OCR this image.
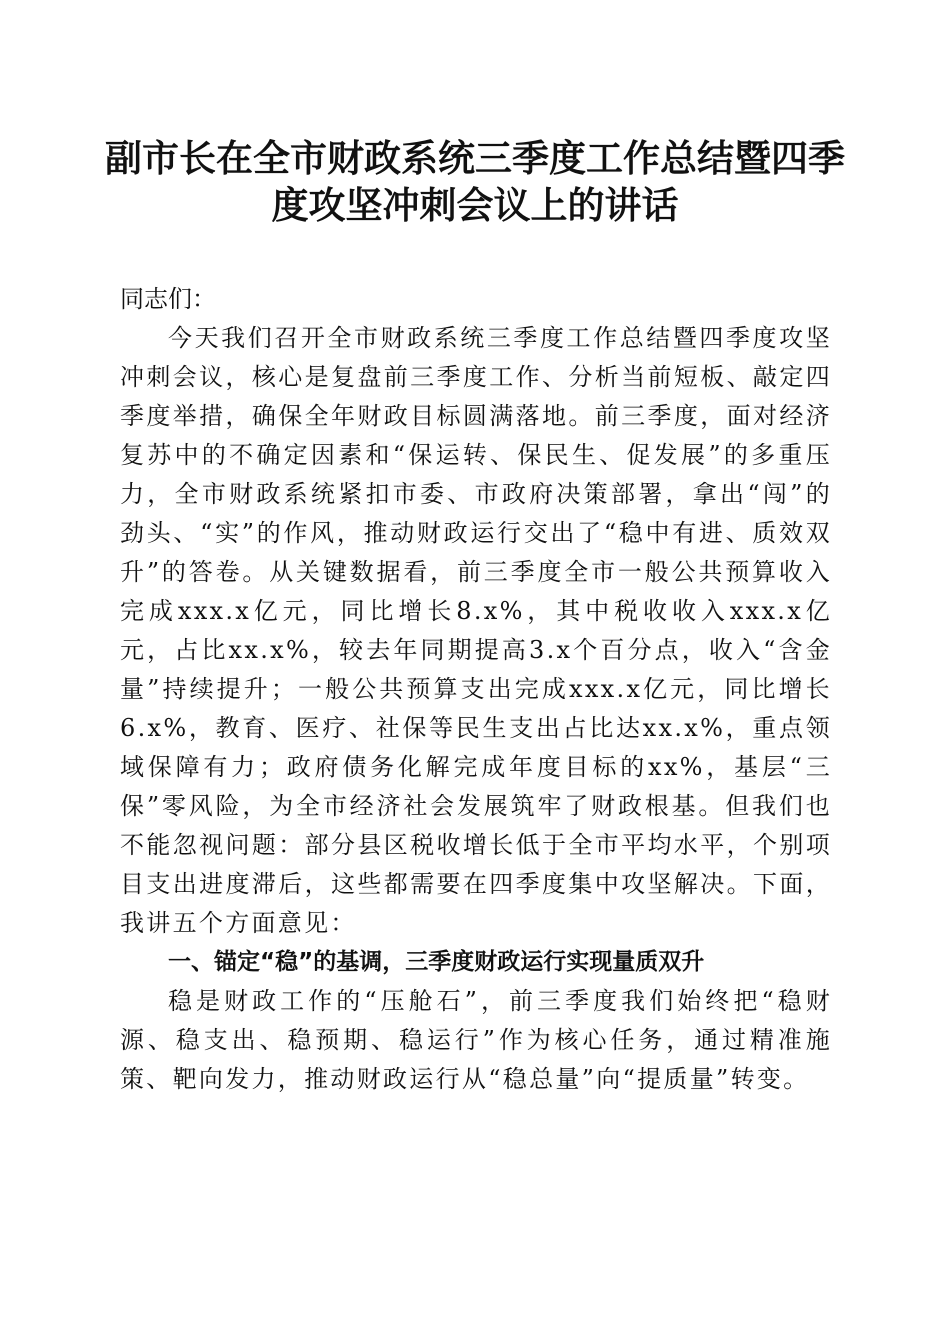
副市长在全市财政系统三季度工作总结暨四季
度攻坚冲刺会议上的讲话

同志们：

今天我们召开全市财政系统三季度工作总结暨四季度攻坚冲刺会议，核心是复盘前三季度工作、分析当前短板、敲定四季度举措，确保全年财政目标圆满落地。前三季度，面对经济复苏中的不确定因素和“保运转、保民生、促发展”的多重压力，全市财政系统紧扣市委、市政府决策部署，拿出“闯”的劲头、“实”的作风，推动财政运行交出了“稳中有进、质效双升”的答卷。从关键数据看，前三季度全市一般公共预算收入完成xxx.x亿元，同比增长8.x%，其中税收收入xxx.x亿元，占比xx.x%，较去年同期提高3.x个百分点，收入“含金量”持续提升；一般公共预算支出完成xxx.x亿元，同比增长6.x%，教育、医疗、社保等民生支出占比达xx.x%，重点领域保障有力；政府债务化解完成年度目标的xx%，基层“三保”零风险，为全市经济社会发展筑牢了财政根基。但我们也不能忽视问题：部分县区税收增长低于全市平均水平，个别项目支出进度滞后，这些都需要在四季度集中攻坚解决。下面，我讲五个方面意见：

一、锚定“稳”的基调，三季度财政运行实现量质双升

稳是财政工作的“压舱石”，前三季度我们始终把“稳财源、稳支出、稳预期、稳运行”作为核心任务，通过精准施策、靶向发力，推动财政运行从“稳总量”向“提质量”转变。
